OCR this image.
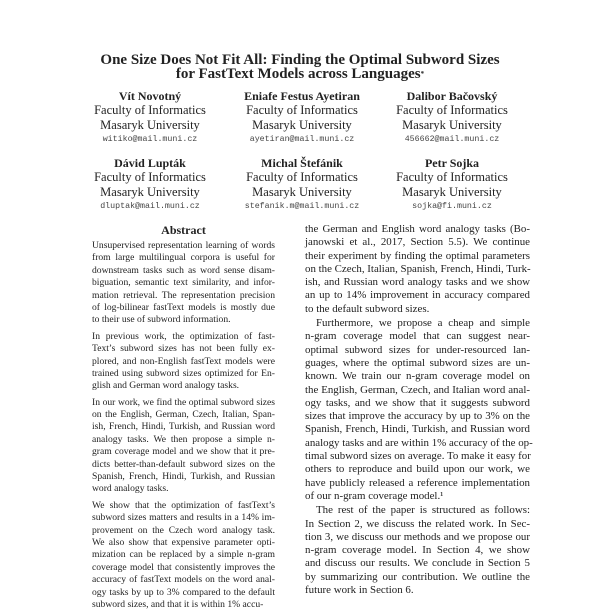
One Size Does Not Fit All: Finding the Optimal Subword Sizes
for FastText Models across Languages*
Vít Novotný
Faculty of Informatics
Masaryk University
witiko@mail.muni.cz
Eniafe Festus Ayetiran
Faculty of Informatics
Masaryk University
ayetiran@mail.muni.cz
Dalibor Bačovský
Faculty of Informatics
Masaryk University
456662@mail.muni.cz
Dávid Lupták
Faculty of Informatics
Masaryk University
dluptak@mail.muni.cz
Michal Štefánik
Faculty of Informatics
Masaryk University
stefanik.m@mail.muni.cz
Petr Sojka
Faculty of Informatics
Masaryk University
sojka@fi.muni.cz
Abstract
Unsupervised representation learning of words
from large multilingual corpora is useful for
downstream tasks such as word sense disam-
biguation, semantic text similarity, and infor-
mation retrieval. The representation precision
of log-bilinear fastText models is mostly due
to their use of subword information.
In previous work, the optimization of fast-
Text’s subword sizes has not been fully ex-
plored, and non-English fastText models were
trained using subword sizes optimized for En-
glish and German word analogy tasks.
In our work, we find the optimal subword sizes
on the English, German, Czech, Italian, Span-
ish, French, Hindi, Turkish, and Russian word
analogy tasks. We then propose a simple n-
gram coverage model and we show that it pre-
dicts better-than-default subword sizes on the
Spanish, French, Hindi, Turkish, and Russian
word analogy tasks.
We show that the optimization of fastText’s
subword sizes matters and results in a 14% im-
provement on the Czech word analogy task.
We also show that expensive parameter opti-
mization can be replaced by a simple n-gram
coverage model that consistently improves the
accuracy of fastText models on the word anal-
ogy tasks by up to 3% compared to the default
subword sizes, and that it is within 1% accu-
the German and English word analogy tasks (Bo-
janowski et al., 2017, Section 5.5). We continue
their experiment by finding the optimal parameters
on the Czech, Italian, Spanish, French, Hindi, Turk-
ish, and Russian word analogy tasks and we show
an up to 14% improvement in accuracy compared
to the default subword sizes.
Furthermore, we propose a cheap and simple
n-gram coverage model that can suggest near-
optimal subword sizes for under-resourced lan-
guages, where the optimal subword sizes are un-
known. We train our n-gram coverage model on
the English, German, Czech, and Italian word anal-
ogy tasks, and we show that it suggests subword
sizes that improve the accuracy by up to 3% on the
Spanish, French, Hindi, Turkish, and Russian word
analogy tasks and are within 1% accuracy of the op-
timal subword sizes on average. To make it easy for
others to reproduce and build upon our work, we
have publicly released a reference implementation
of our n-gram coverage model.¹
The rest of the paper is structured as follows:
In Section 2, we discuss the related work. In Sec-
tion 3, we discuss our methods and we propose our
n-gram coverage model. In Section 4, we show
and discuss our results. We conclude in Section 5
by summarizing our contribution. We outline the
future work in Section 6.
